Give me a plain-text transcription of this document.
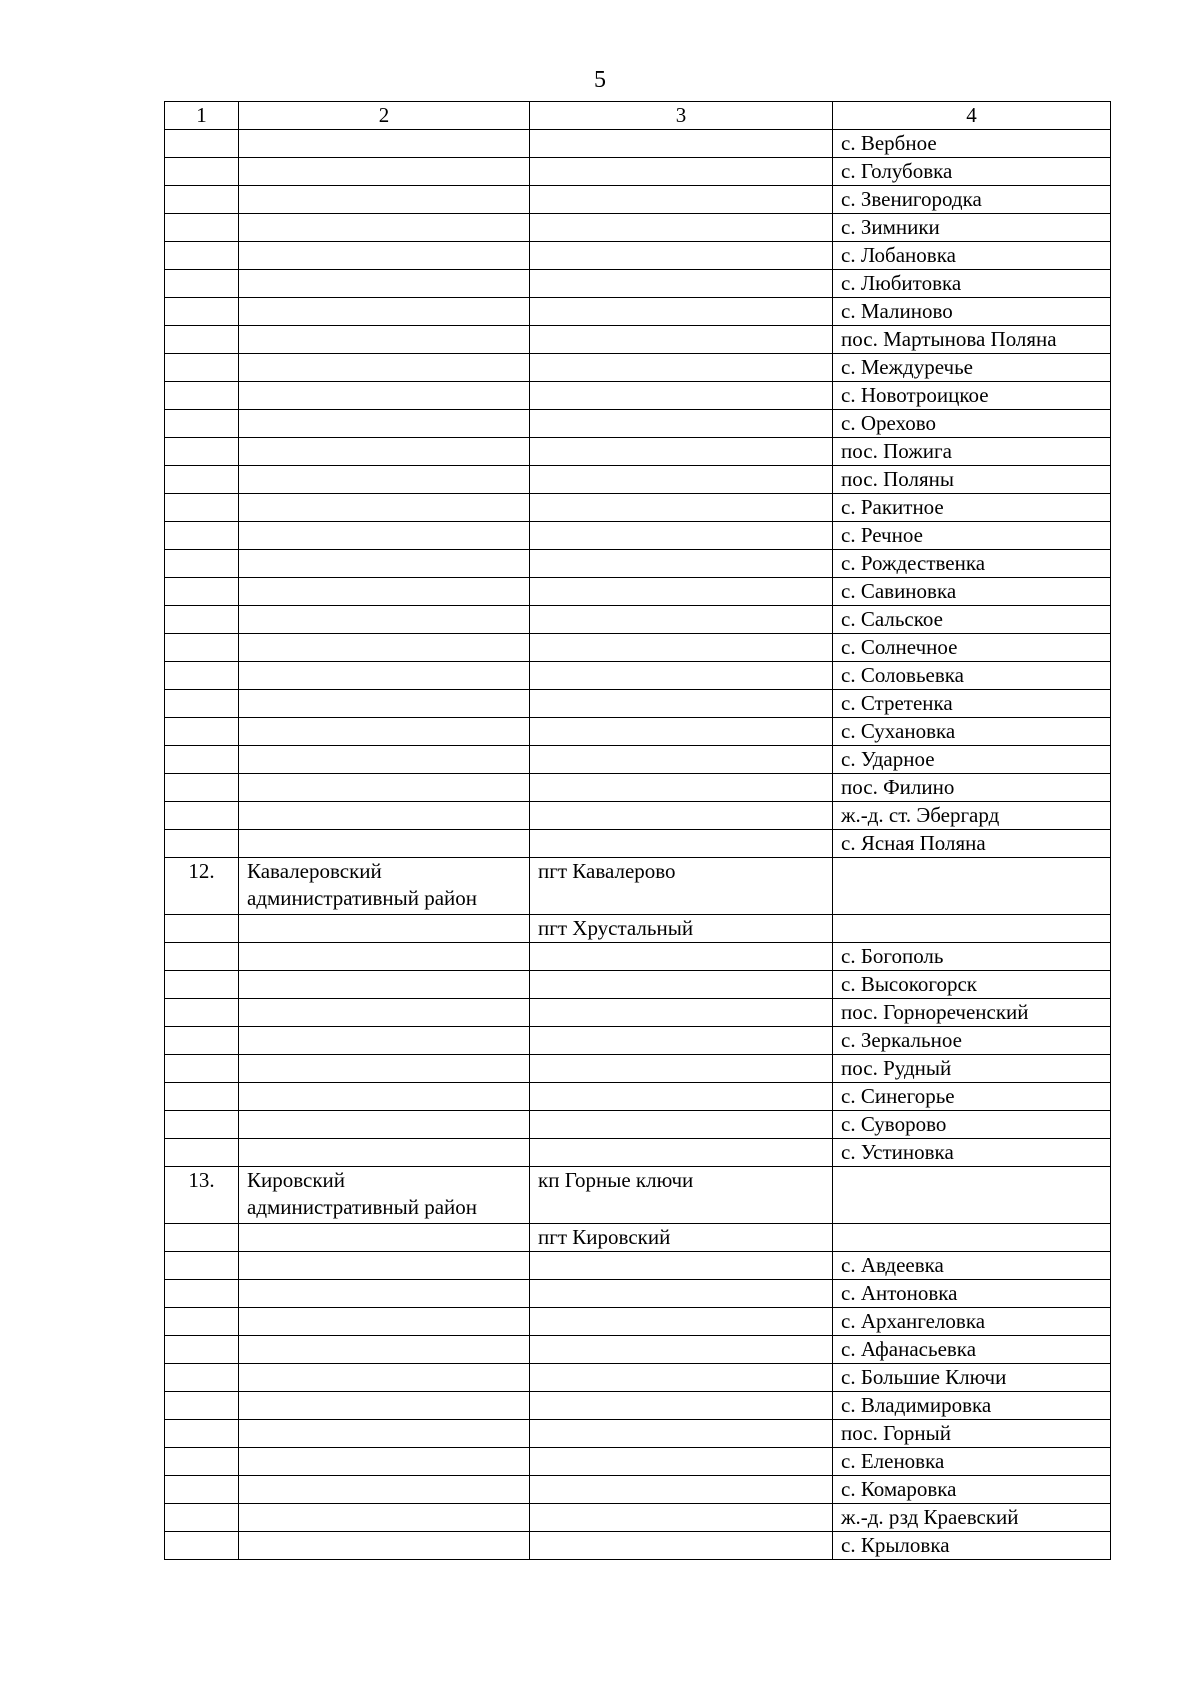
5
1	2	3	4
			с. Вербное
			с. Голубовка
			с. Звенигородка
			с. Зимники
			с. Лобановка
			с. Любитовка
			с. Малиново
			пос. Мартынова Поляна
			с. Междуречье
			с. Новотроицкое
			с. Орехово
			пос. Пожига
			пос. Поляны
			с. Ракитное
			с. Речное
			с. Рождественка
			с. Савиновка
			с. Сальское
			с. Солнечное
			с. Соловьевка
			с. Стретенка
			с. Сухановка
			с. Ударное
			пос. Филино
			ж.-д. ст. Эбергард
			с. Ясная Поляна
12.	Кавалеровский административный район	пгт Кавалерово	
		пгт Хрустальный	
			с. Богополь
			с. Высокогорск
			пос. Горнореченский
			с. Зеркальное
			пос. Рудный
			с. Синегорье
			с. Суворово
			с. Устиновка
13.	Кировский административный район	кп Горные ключи	
		пгт Кировский	
			с. Авдеевка
			с. Антоновка
			с. Архангеловка
			с. Афанасьевка
			с. Большие Ключи
			с. Владимировка
			пос. Горный
			с. Еленовка
			с. Комаровка
			ж.-д. рзд Краевский
			с. Крыловка
